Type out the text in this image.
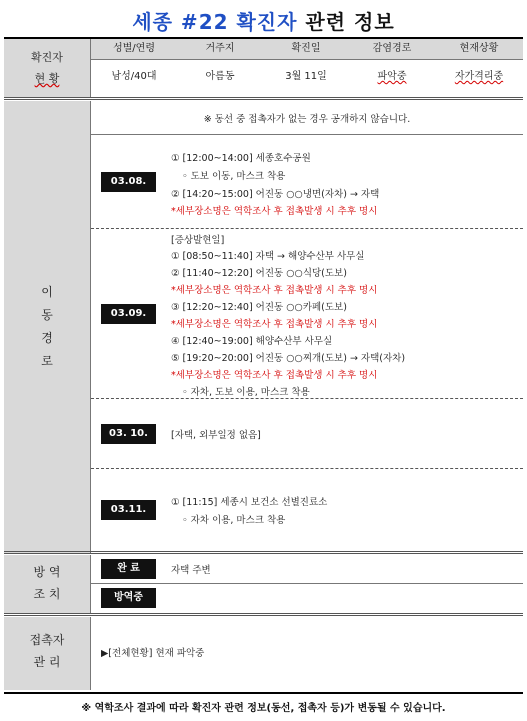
세종 #22 확진자 관련 정보
확진자
현 황
성별/연령	거주지	확진일	감염경로	현재상황
남성/40대	아름동	3월 11일	파악중	자가격리중
이
동
경
로
※ 동선 중 접촉자가 없는 경우 공개하지 않습니다.
03.08.
① [12:00~14:00] 세종호수공원
◦ 도보 이동, 마스크 착용
② [14:20~15:00] 어진동 ○○냉면(자차) → 자택
*세부장소명은 역학조사 후 접촉발생 시 추후 명시
03.09.
[증상발현일]
① [08:50~11:40] 자택 → 해양수산부 사무실
② [11:40~12:20] 어진동 ○○식당(도보)
*세부장소명은 역학조사 후 접촉발생 시 추후 명시
③ [12:20~12:40] 어진동 ○○카페(도보)
*세부장소명은 역학조사 후 접촉발생 시 추후 명시
④ [12:40~19:00] 해양수산부 사무실
⑤ [19:20~20:00] 어진동 ○○찌개(도보) → 자택(자차)
*세부장소명은 역학조사 후 접촉발생 시 추후 명시
◦ 자차, 도보 이용, 마스크 착용
03. 10.	[자택, 외부일정 없음]
03.11.
① [11:15] 세종시 보건소 선별진료소
◦ 자차 이용, 마스크 착용
방 역
조 치
완 료	자택 주변
방역중
접촉자
관 리
▶[전체현황] 현재 파악중
※ 역학조사 결과에 따라 확진자 관련 정보(동선, 접촉자 등)가 변동될 수 있습니다.
